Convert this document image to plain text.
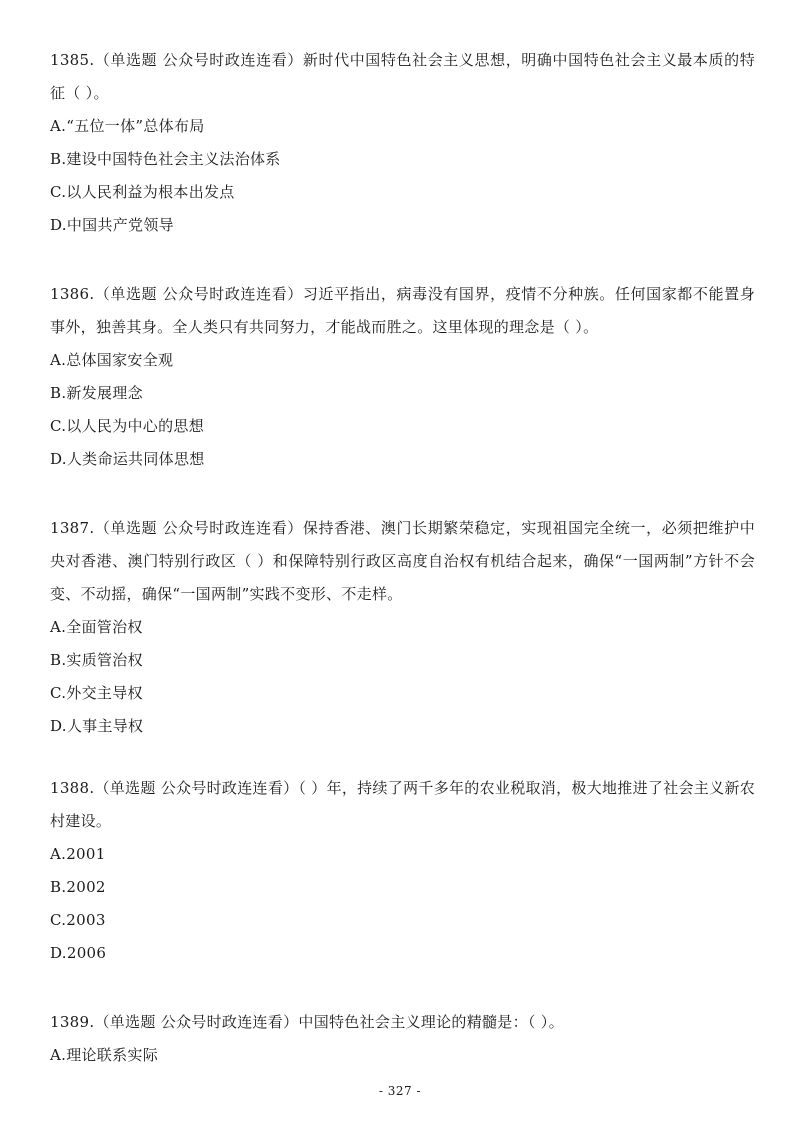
1385.（单选题 公众号时政连连看）新时代中国特色社会主义思想，明确中国特色社会主义最本质的特征（ ）。

A.“五位一体”总体布局

B.建设中国特色社会主义法治体系

C.以人民利益为根本出发点

D.中国共产党领导

1386.（单选题 公众号时政连连看）习近平指出，病毒没有国界，疫情不分种族。任何国家都不能置身事外，独善其身。全人类只有共同努力，才能战而胜之。这里体现的理念是（ ）。

A.总体国家安全观

B.新发展理念

C.以人民为中心的思想

D.人类命运共同体思想

1387.（单选题 公众号时政连连看）保持香港、澳门长期繁荣稳定，实现祖国完全统一，必须把维护中央对香港、澳门特别行政区（ ）和保障特别行政区高度自治权有机结合起来，确保“一国两制”方针不会变、不动摇，确保“一国两制”实践不变形、不走样。

A.全面管治权

B.实质管治权

C.外交主导权

D.人事主导权

1388.（单选题 公众号时政连连看）（ ）年，持续了两千多年的农业税取消，极大地推进了社会主义新农村建设。

A.2001

B.2002

C.2003

D.2006

1389.（单选题 公众号时政连连看）中国特色社会主义理论的精髓是：（ ）。

A.理论联系实际

- 327 -
